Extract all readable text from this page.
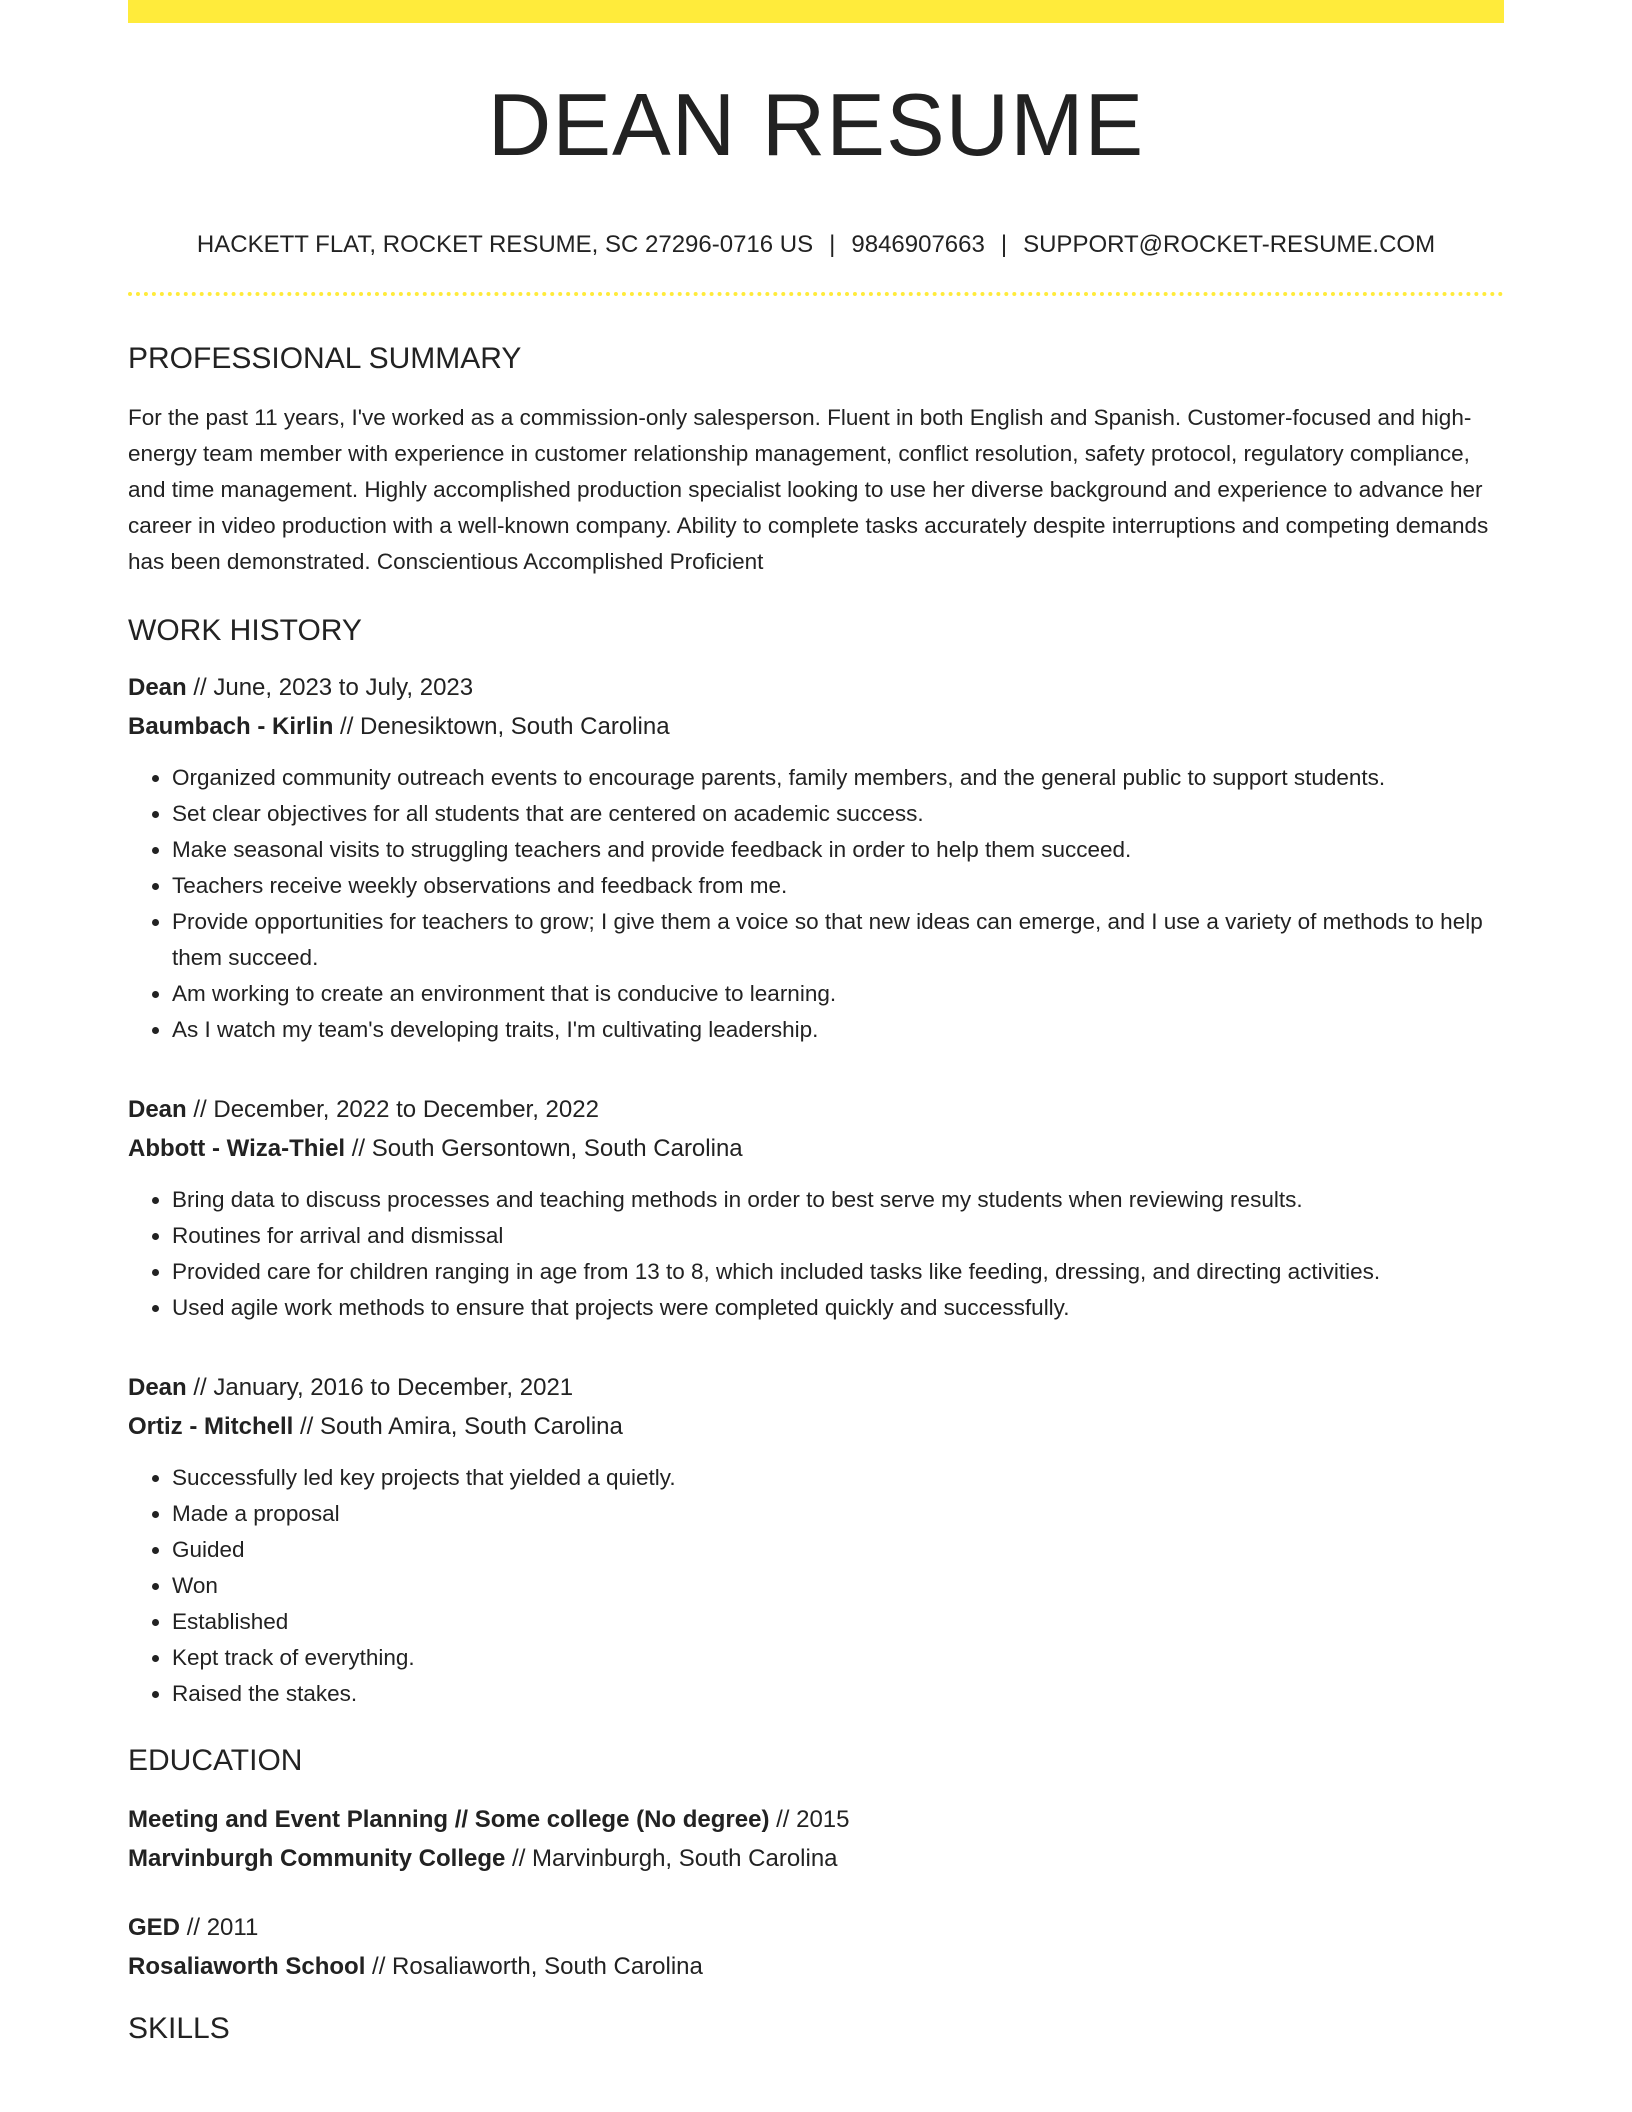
DEAN RESUME
HACKETT FLAT, ROCKET RESUME, SC 27296-0716 US | 9846907663 | SUPPORT@ROCKET-RESUME.COM
PROFESSIONAL SUMMARY
For the past 11 years, I've worked as a commission-only salesperson. Fluent in both English and Spanish. Customer-focused and high-energy team member with experience in customer relationship management, conflict resolution, safety protocol, regulatory compliance, and time management. Highly accomplished production specialist looking to use her diverse background and experience to advance her career in video production with a well-known company. Ability to complete tasks accurately despite interruptions and competing demands has been demonstrated. Conscientious Accomplished Proficient
WORK HISTORY
Dean // June, 2023 to July, 2023
Baumbach - Kirlin // Denesiktown, South Carolina
• Organized community outreach events to encourage parents, family members, and the general public to support students.
• Set clear objectives for all students that are centered on academic success.
• Make seasonal visits to struggling teachers and provide feedback in order to help them succeed.
• Teachers receive weekly observations and feedback from me.
• Provide opportunities for teachers to grow; I give them a voice so that new ideas can emerge, and I use a variety of methods to help them succeed.
• Am working to create an environment that is conducive to learning.
• As I watch my team's developing traits, I'm cultivating leadership.
Dean // December, 2022 to December, 2022
Abbott - Wiza-Thiel // South Gersontown, South Carolina
• Bring data to discuss processes and teaching methods in order to best serve my students when reviewing results.
• Routines for arrival and dismissal
• Provided care for children ranging in age from 13 to 8, which included tasks like feeding, dressing, and directing activities.
• Used agile work methods to ensure that projects were completed quickly and successfully.
Dean // January, 2016 to December, 2021
Ortiz - Mitchell // South Amira, South Carolina
• Successfully led key projects that yielded a quietly.
• Made a proposal
• Guided
• Won
• Established
• Kept track of everything.
• Raised the stakes.
EDUCATION
Meeting and Event Planning // Some college (No degree) // 2015
Marvinburgh Community College // Marvinburgh, South Carolina
GED // 2011
Rosaliaworth School // Rosaliaworth, South Carolina
SKILLS
